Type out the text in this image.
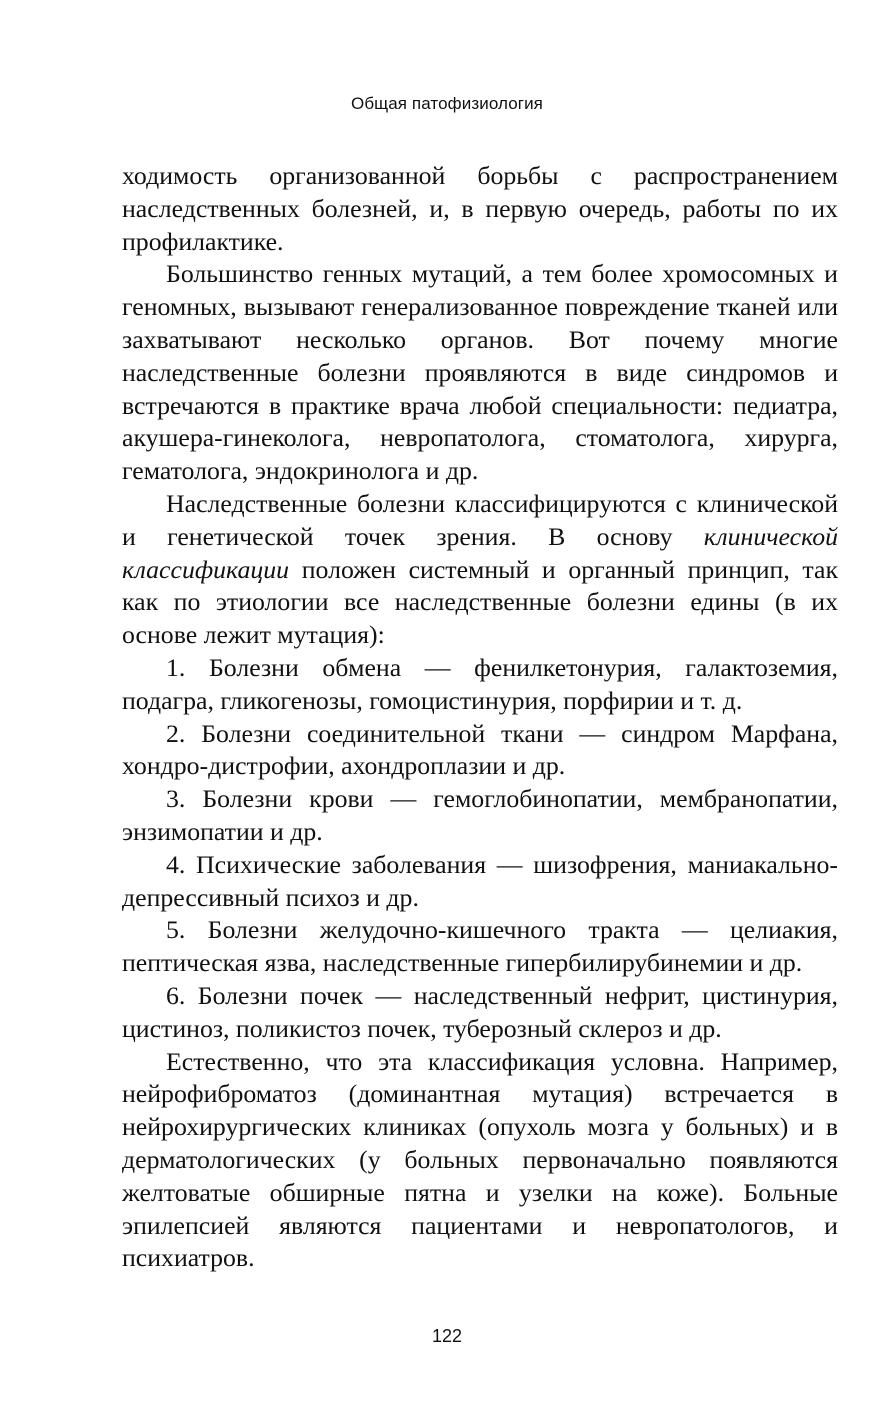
Общая патофизиология

ходимость организованной борьбы с распространением наследственных болезней, и, в первую очередь, работы по их профилактике.

Большинство генных мутаций, а тем более хромосомных и геномных, вызывают генерализованное повреждение тканей или захватывают несколько органов. Вот почему многие наследственные болезни проявляются в виде синдромов и встречаются в практике врача любой специальности: педиатра, акушера-гинеколога, невропатолога, стоматолога, хирурга, гематолога, эндокринолога и др.

Наследственные болезни классифицируются с клинической и генетической точек зрения. В основу клинической классификации положен системный и органный принцип, так как по этиологии все наследственные болезни едины (в их основе лежит мутация):

1. Болезни обмена — фенилкетонурия, галактоземия, подагра, гликогенозы, гомоцистинурия, порфирии и т. д.

2. Болезни соединительной ткани — синдром Марфана, хондро-дистрофии, ахондроплазии и др.

3. Болезни крови — гемоглобинопатии, мембранопатии, энзимопатии и др.

4. Психические заболевания — шизофрения, маниакально-депрессивный психоз и др.

5. Болезни желудочно-кишечного тракта — целиакия, пептическая язва, наследственные гипербилирубинемии и др.

6. Болезни почек — наследственный нефрит, цистинурия, цистиноз, поликистоз почек, туберозный склероз и др.

Естественно, что эта классификация условна. Например, нейрофиброматоз (доминантная мутация) встречается в нейрохирургических клиниках (опухоль мозга у больных) и в дерматологических (у больных первоначально появляются желтоватые обширные пятна и узелки на коже). Больные эпилепсией являются пациентами и невропатологов, и психиатров.

122
